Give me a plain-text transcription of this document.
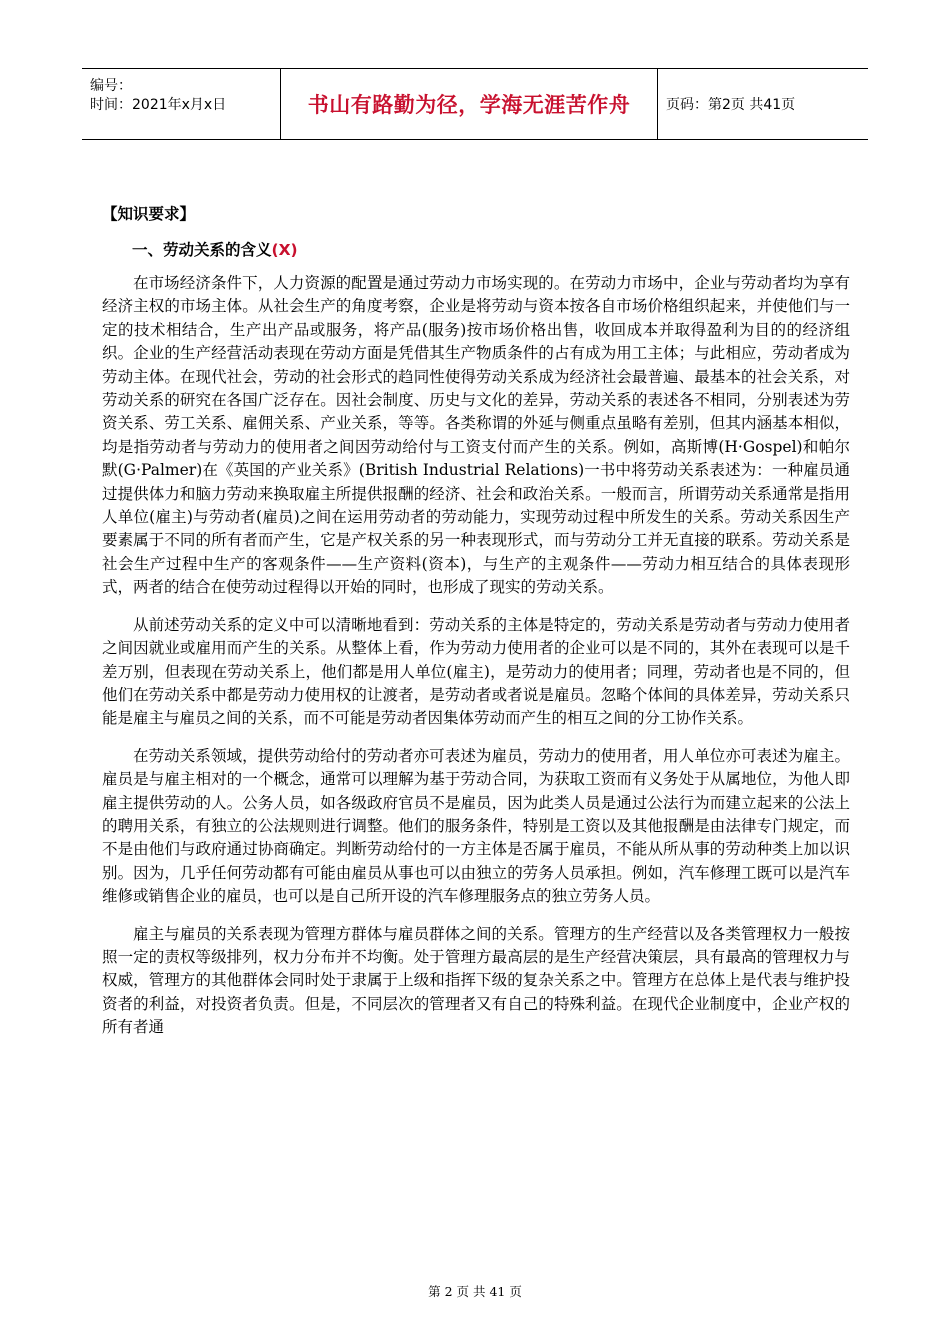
编号：
时间：2021年x月x日	书山有路勤为径，学海无涯苦作舟	页码：第2页 共41页

【知识要求】

一、劳动关系的含义(X)

在市场经济条件下，人力资源的配置是通过劳动力市场实现的。在劳动力市场中，企业与劳动者均为享有经济主权的市场主体。从社会生产的角度考察，企业是将劳动与资本按各自市场价格组织起来，并使他们与一定的技术相结合，生产出产品或服务，将产品(服务)按市场价格出售，收回成本并取得盈利为目的的经济组织。企业的生产经营活动表现在劳动方面是凭借其生产物质条件的占有成为用工主体；与此相应，劳动者成为劳动主体。在现代社会，劳动的社会形式的趋同性使得劳动关系成为经济社会最普遍、最基本的社会关系，对劳动关系的研究在各国广泛存在。因社会制度、历史与文化的差异，劳动关系的表述各不相同，分别表述为劳资关系、劳工关系、雇佣关系、产业关系，等等。各类称谓的外延与侧重点虽略有差别，但其内涵基本相似，均是指劳动者与劳动力的使用者之间因劳动给付与工资支付而产生的关系。例如，高斯博(H·Gospel)和帕尔默(G·Palmer)在《英国的产业关系》(British Industrial Relations)一书中将劳动关系表述为：一种雇员通过提供体力和脑力劳动来换取雇主所提供报酬的经济、社会和政治关系。一般而言，所谓劳动关系通常是指用人单位(雇主)与劳动者(雇员)之间在运用劳动者的劳动能力，实现劳动过程中所发生的关系。劳动关系因生产要素属于不同的所有者而产生，它是产权关系的另一种表现形式，而与劳动分工并无直接的联系。劳动关系是社会生产过程中生产的客观条件——生产资料(资本)，与生产的主观条件——劳动力相互结合的具体表现形式，两者的结合在使劳动过程得以开始的同时，也形成了现实的劳动关系。

从前述劳动关系的定义中可以清晰地看到：劳动关系的主体是特定的，劳动关系是劳动者与劳动力使用者之间因就业或雇用而产生的关系。从整体上看，作为劳动力使用者的企业可以是不同的，其外在表现可以是千差万别，但表现在劳动关系上，他们都是用人单位(雇主)，是劳动力的使用者；同理，劳动者也是不同的，但他们在劳动关系中都是劳动力使用权的让渡者，是劳动者或者说是雇员。忽略个体间的具体差异，劳动关系只能是雇主与雇员之间的关系，而不可能是劳动者因集体劳动而产生的相互之间的分工协作关系。

在劳动关系领域，提供劳动给付的劳动者亦可表述为雇员，劳动力的使用者，用人单位亦可表述为雇主。雇员是与雇主相对的一个概念，通常可以理解为基于劳动合同，为获取工资而有义务处于从属地位，为他人即雇主提供劳动的人。公务人员，如各级政府官员不是雇员，因为此类人员是通过公法行为而建立起来的公法上的聘用关系，有独立的公法规则进行调整。他们的服务条件，特别是工资以及其他报酬是由法律专门规定，而不是由他们与政府通过协商确定。判断劳动给付的一方主体是否属于雇员，不能从所从事的劳动种类上加以识别。因为，几乎任何劳动都有可能由雇员从事也可以由独立的劳务人员承担。例如，汽车修理工既可以是汽车维修或销售企业的雇员，也可以是自己所开设的汽车修理服务点的独立劳务人员。

雇主与雇员的关系表现为管理方群体与雇员群体之间的关系。管理方的生产经营以及各类管理权力一般按照一定的责权等级排列，权力分布并不均衡。处于管理方最高层的是生产经营决策层，具有最高的管理权力与权威，管理方的其他群体会同时处于隶属于上级和指挥下级的复杂关系之中。管理方在总体上是代表与维护投资者的利益，对投资者负责。但是，不同层次的管理者又有自己的特殊利益。在现代企业制度中，企业产权的所有者通

第 2 页 共 41 页
